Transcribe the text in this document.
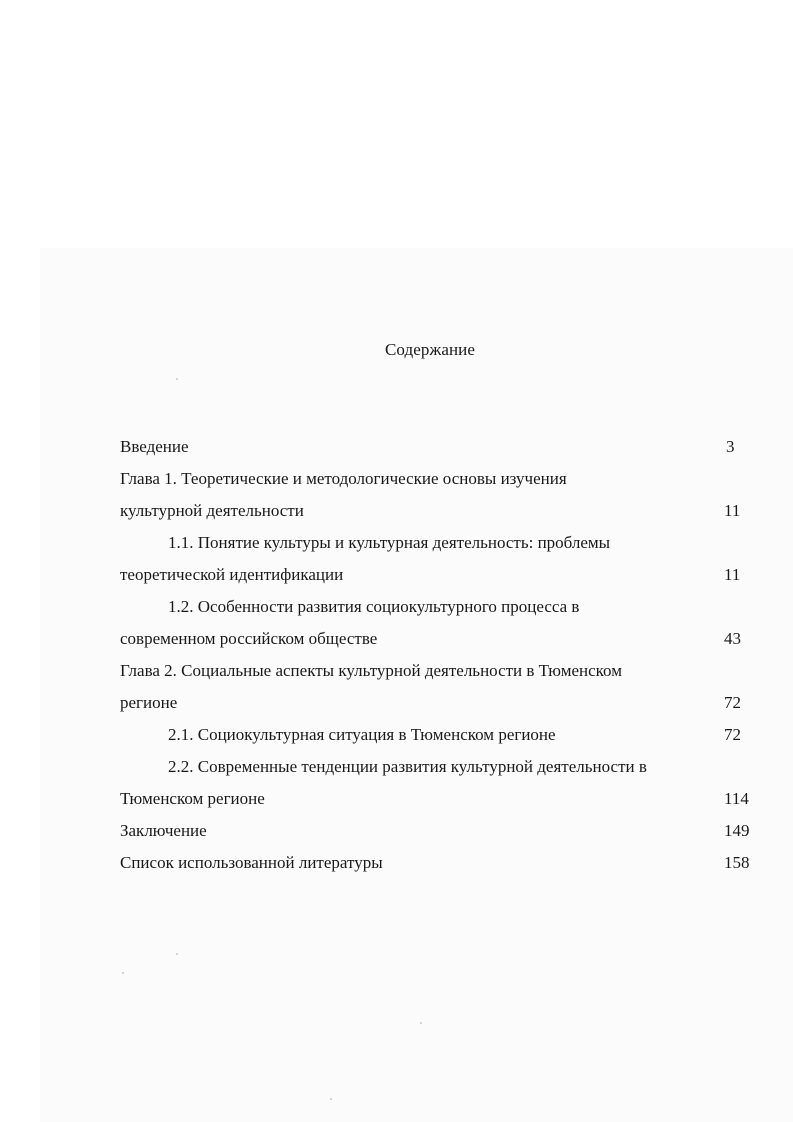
Содержание
Введение	3
Глава 1. Теоретические и методологические основы изучения
культурной деятельности	11
1.1. Понятие культуры и культурная деятельность: проблемы
теоретической идентификации	11
1.2. Особенности развития социокультурного процесса в
современном российском обществе	43
Глава 2. Социальные аспекты культурной деятельности в Тюменском
регионе	72
2.1. Социокультурная ситуация в Тюменском регионе	72
2.2. Современные тенденции развития культурной деятельности в
Тюменском регионе	114
Заключение	149
Список использованной литературы	158
